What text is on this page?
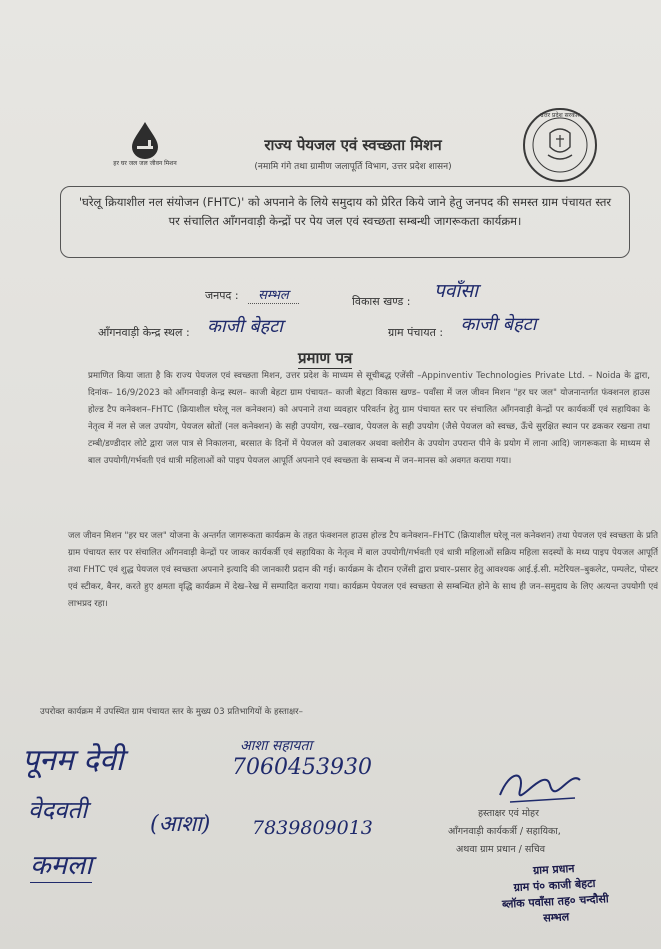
हर घर जल जल जीवन मिशन
उत्तर प्रदेश सरकार
राज्य पेयजल एवं स्वच्छता मिशन
(नमामि गंगे तथा ग्रामीण जलापूर्ति विभाग, उत्तर प्रदेश शासन)
'घरेलू क्रियाशील नल संयोजन (FHTC)' को अपनाने के लिये समुदाय को प्रेरित किये जाने हेतु जनपद की समस्त ग्राम पंचायत स्तर पर संचालित आँगनवाड़ी केन्द्रों पर पेय जल एवं स्वच्छता सम्बन्धी जागरूकता कार्यक्रम।
जनपद : सम्भल	विकास खण्ड : पवाँसा
आँगनवाड़ी केन्द्र स्थल : काजी बेहटा	ग्राम पंचायत : काजी बेहटा
प्रमाण पत्र
प्रमाणित किया जाता है कि राज्य पेयजल एवं स्वच्छता मिशन, उत्तर प्रदेश के माध्यम से सूचीबद्ध एजेंसी –Appinventiv Technologies Private Ltd. – Noida के द्वारा, दिनांक– 16/9/2023 को आँगनवाड़ी केन्द्र स्थल– काजी बेहटा ग्राम पंचायत– काजी बेहटा विकास खण्ड– पवाँसा में जल जीवन मिशन "हर घर जल" योजनान्तर्गत फंक्शनल हाउस होल्ड टैप कनेक्शन–FHTC (क्रियाशील घरेलू नल कनेक्शन) को अपनाने तथा व्यवहार परिवर्तन हेतु ग्राम पंचायत स्तर पर संचालित आँगनवाड़ी केन्द्रों पर कार्यकर्त्री एवं सहायिका के नेतृत्व में नल से जल उपयोग, पेयजल स्रोतों (नल कनेक्शन) के सही उपयोग, रख–रखाव, पेयजल के सही उपयोग (जैसे पेयजल को स्वच्छ, ऊँचे सुरक्षित स्थान पर ढककर रखना तथा टम्बी/डण्डीदार लोटे द्वारा जल पात्र से निकालना, बरसात के दिनों में पेयजल को उबालकर अथवा क्लोरीन के उपयोग उपरान्त पीने के प्रयोग में लाना आदि) जागरूकता के माध्यम से बाल उपयोगी/गर्भवती एवं धात्री महिलाओं को पाइप पेयजल आपूर्ति अपनाने एवं स्वच्छता के सम्बन्ध में जन–मानस को अवगत कराया गया।
जल जीवन मिशन "हर घर जल" योजना के अन्तर्गत जागरूकता कार्यक्रम के तहत फंक्शनल हाउस होल्ड टैप कनेक्शन–FHTC (क्रियाशील घरेलू नल कनेक्शन) तथा पेयजल एवं स्वच्छता के प्रति ग्राम पंचायत स्तर पर संचालित आँगनवाड़ी केन्द्रों पर जाकर कार्यकर्त्री एवं सहायिका के नेतृत्व में बाल उपयोगी/गर्भवती एवं धात्री महिलाओं सक्रिय महिला सदस्यों के मध्य पाइप पेयजल आपूर्ति तथा FHTC एवं शुद्ध पेयजल एवं स्वच्छता अपनाने इत्यादि की जानकारी प्रदान की गई। कार्यक्रम के दौरान एजेंसी द्वारा प्रचार–प्रसार हेतु आवश्यक आई.ई.सी. मटेरियल–बुकलेट, पम्पलेट, पोस्टर एवं स्टीकर, बैनर, करते हुए क्षमता वृद्धि कार्यक्रम में देख–रेख में सम्पादित कराया गया। कार्यक्रम पेयजल एवं स्वच्छता से सम्बन्धित होने के साथ ही जन–समुदाय के लिए अत्यन्त उपयोगी एवं लाभप्रद रहा।
उपरोक्त कार्यक्रम में उपस्थित ग्राम पंचायत स्तर के मुख्य 03 प्रतिभागियों के हस्ताक्षर–
पूनम देवी	आशा सहायता
7060453930
वेदवती
(आशा) 7839809013
कमला
हस्ताक्षर एवं मोहर
आँगनवाड़ी कार्यकर्त्री / सहायिका,
अथवा ग्राम प्रधान / सचिव
ग्राम प्रधान
ग्राम पं० काजी बेहटा
ब्लॉक पवाँसा तह० चन्दौसी
सम्भल
